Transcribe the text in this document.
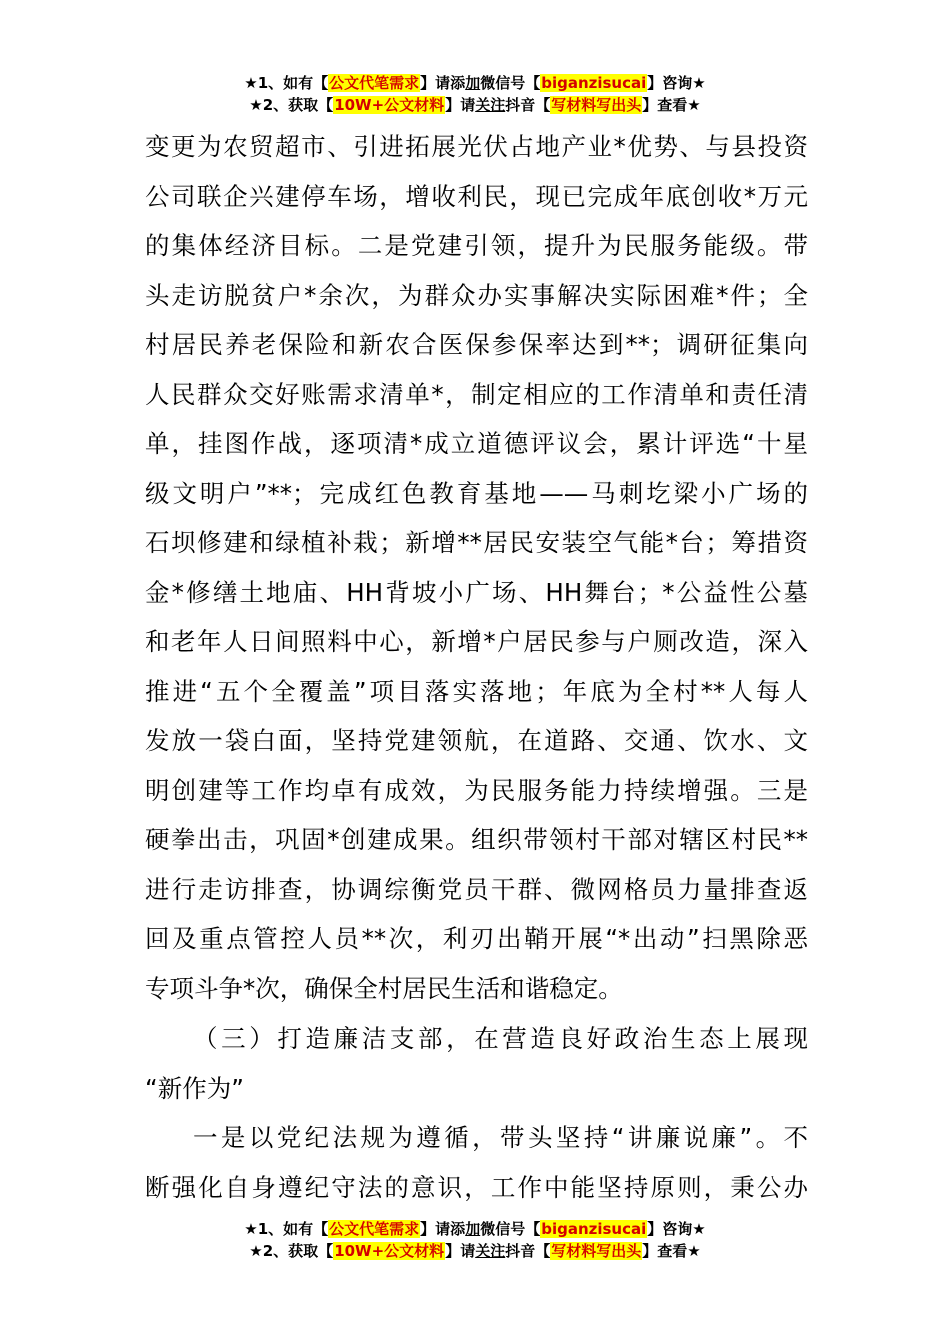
★1、如有【公文代笔需求】请添加微信号【biganzisucai】咨询★
★2、获取【10W+公文材料】请关注抖音【写材料写出头】查看★
变更为农贸超市、引进拓展光伏占地产业*优势、与县投资
公司联企兴建停车场，增收利民，现已完成年底创收*万元
的集体经济目标。二是党建引领，提升为民服务能级。带
头走访脱贫户*余次，为群众办实事解决实际困难*件；全
村居民养老保险和新农合医保参保率达到**；调研征集向
人民群众交好账需求清单*，制定相应的工作清单和责任清
单，挂图作战，逐项清*成立道德评议会，累计评选“十星
级文明户”**；完成红色教育基地——马刺圪梁小广场的
石坝修建和绿植补栽；新增**居民安装空气能*台；筹措资
金*修缮土地庙、HH背坡小广场、HH舞台；*公益性公墓
和老年人日间照料中心，新增*户居民参与户厕改造，深入
推进“五个全覆盖”项目落实落地；年底为全村**人每人
发放一袋白面，坚持党建领航，在道路、交通、饮水、文
明创建等工作均卓有成效，为民服务能力持续增强。三是
硬拳出击，巩固*创建成果。组织带领村干部对辖区村民**
进行走访排查，协调综衡党员干群、微网格员力量排查返
回及重点管控人员**次，利刃出鞘开展“*出动”扫黑除恶
专项斗争*次，确保全村居民生活和谐稳定。
（三）打造廉洁支部，在营造良好政治生态上展现
“新作为”
一是以党纪法规为遵循，带头坚持“讲廉说廉”。不
断强化自身遵纪守法的意识，工作中能坚持原则，秉公办
★1、如有【公文代笔需求】请添加微信号【biganzisucai】咨询★
★2、获取【10W+公文材料】请关注抖音【写材料写出头】查看★
